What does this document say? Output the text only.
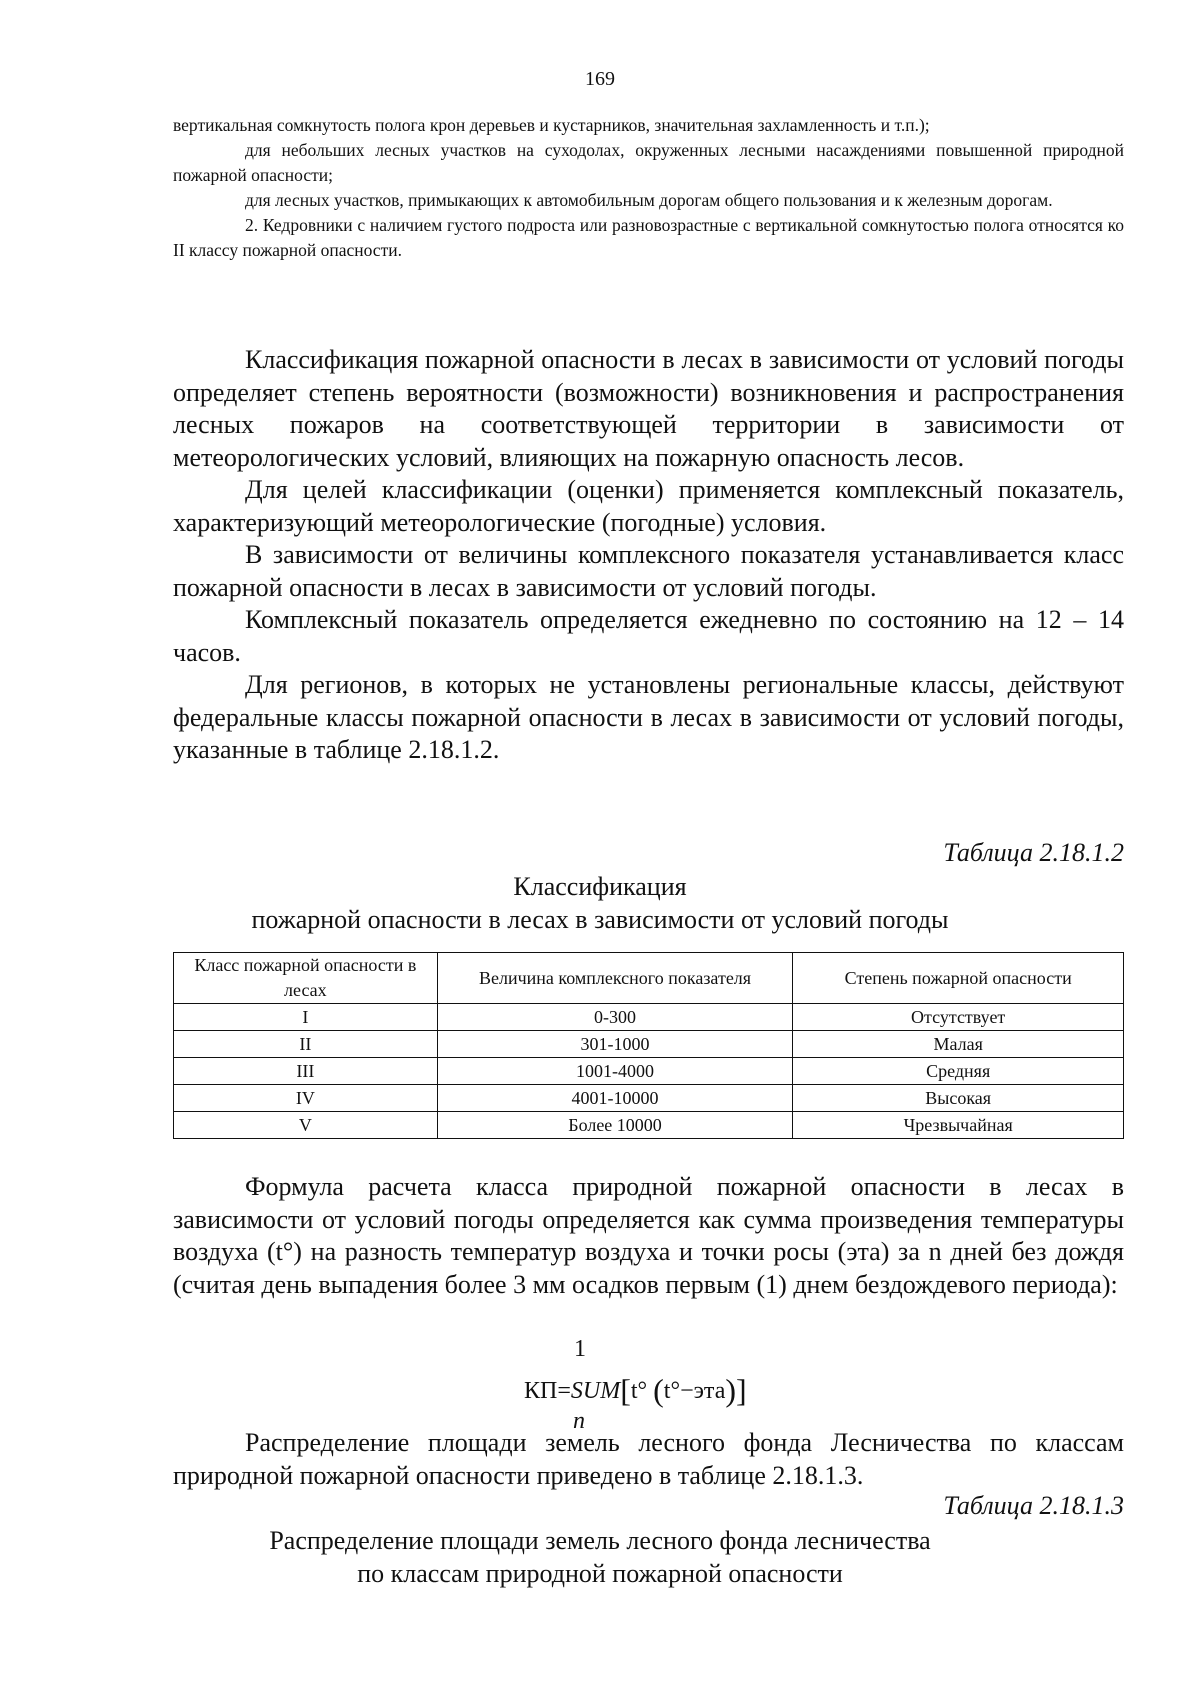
169

вертикальная сомкнутость полога крон деревьев и кустарников, значительная захламленность и т.п.);

для небольших лесных участков на суходолах, окруженных лесными насаждениями повышенной природной пожарной опасности;

для лесных участков, примыкающих к автомобильным дорогам общего пользования и к железным дорогам.

2. Кедровники с наличием густого подроста или разновозрастные с вертикальной сомкнутостью полога относятся ко II классу пожарной опасности.

Классификация пожарной опасности в лесах в зависимости от условий погоды определяет степень вероятности (возможности) возникновения и распространения лесных пожаров на соответствующей территории в зависимости от метеорологических условий, влияющих на пожарную опасность лесов.

Для целей классификации (оценки) применяется комплексный показатель, характеризующий метеорологические (погодные) условия.

В зависимости от величины комплексного показателя устанавливается класс пожарной опасности в лесах в зависимости от условий погоды.

Комплексный показатель определяется ежедневно по состоянию на 12 – 14 часов.

Для регионов, в которых не установлены региональные классы, действуют федеральные классы пожарной опасности в лесах в зависимости от условий погоды, указанные в таблице 2.18.1.2.

Таблица 2.18.1.2
Классификация
пожарной опасности в лесах в зависимости от условий погоды
Класс пожарной опасности в лесах	Величина комплексного показателя	Степень пожарной опасности
I	0-300	Отсутствует
II	301-1000	Малая
III	1001-4000	Средняя
IV	4001-10000	Высокая
V	Более 10000	Чрезвычайная

Формула расчета класса природной пожарной опасности в лесах в зависимости от условий погоды определяется как сумма произведения температуры воздуха (t°) на разность температур воздуха и точки росы (эта) за n дней без дождя (считая день выпадения более 3 мм осадков первым (1) днем бездождевого периода):

1
КП=SUM[t° (t°−эта)]
n

Распределение площади земель лесного фонда Лесничества по классам природной пожарной опасности приведено в таблице 2.18.1.3.

Таблица 2.18.1.3
Распределение площади земель лесного фонда лесничества
по классам природной пожарной опасности
